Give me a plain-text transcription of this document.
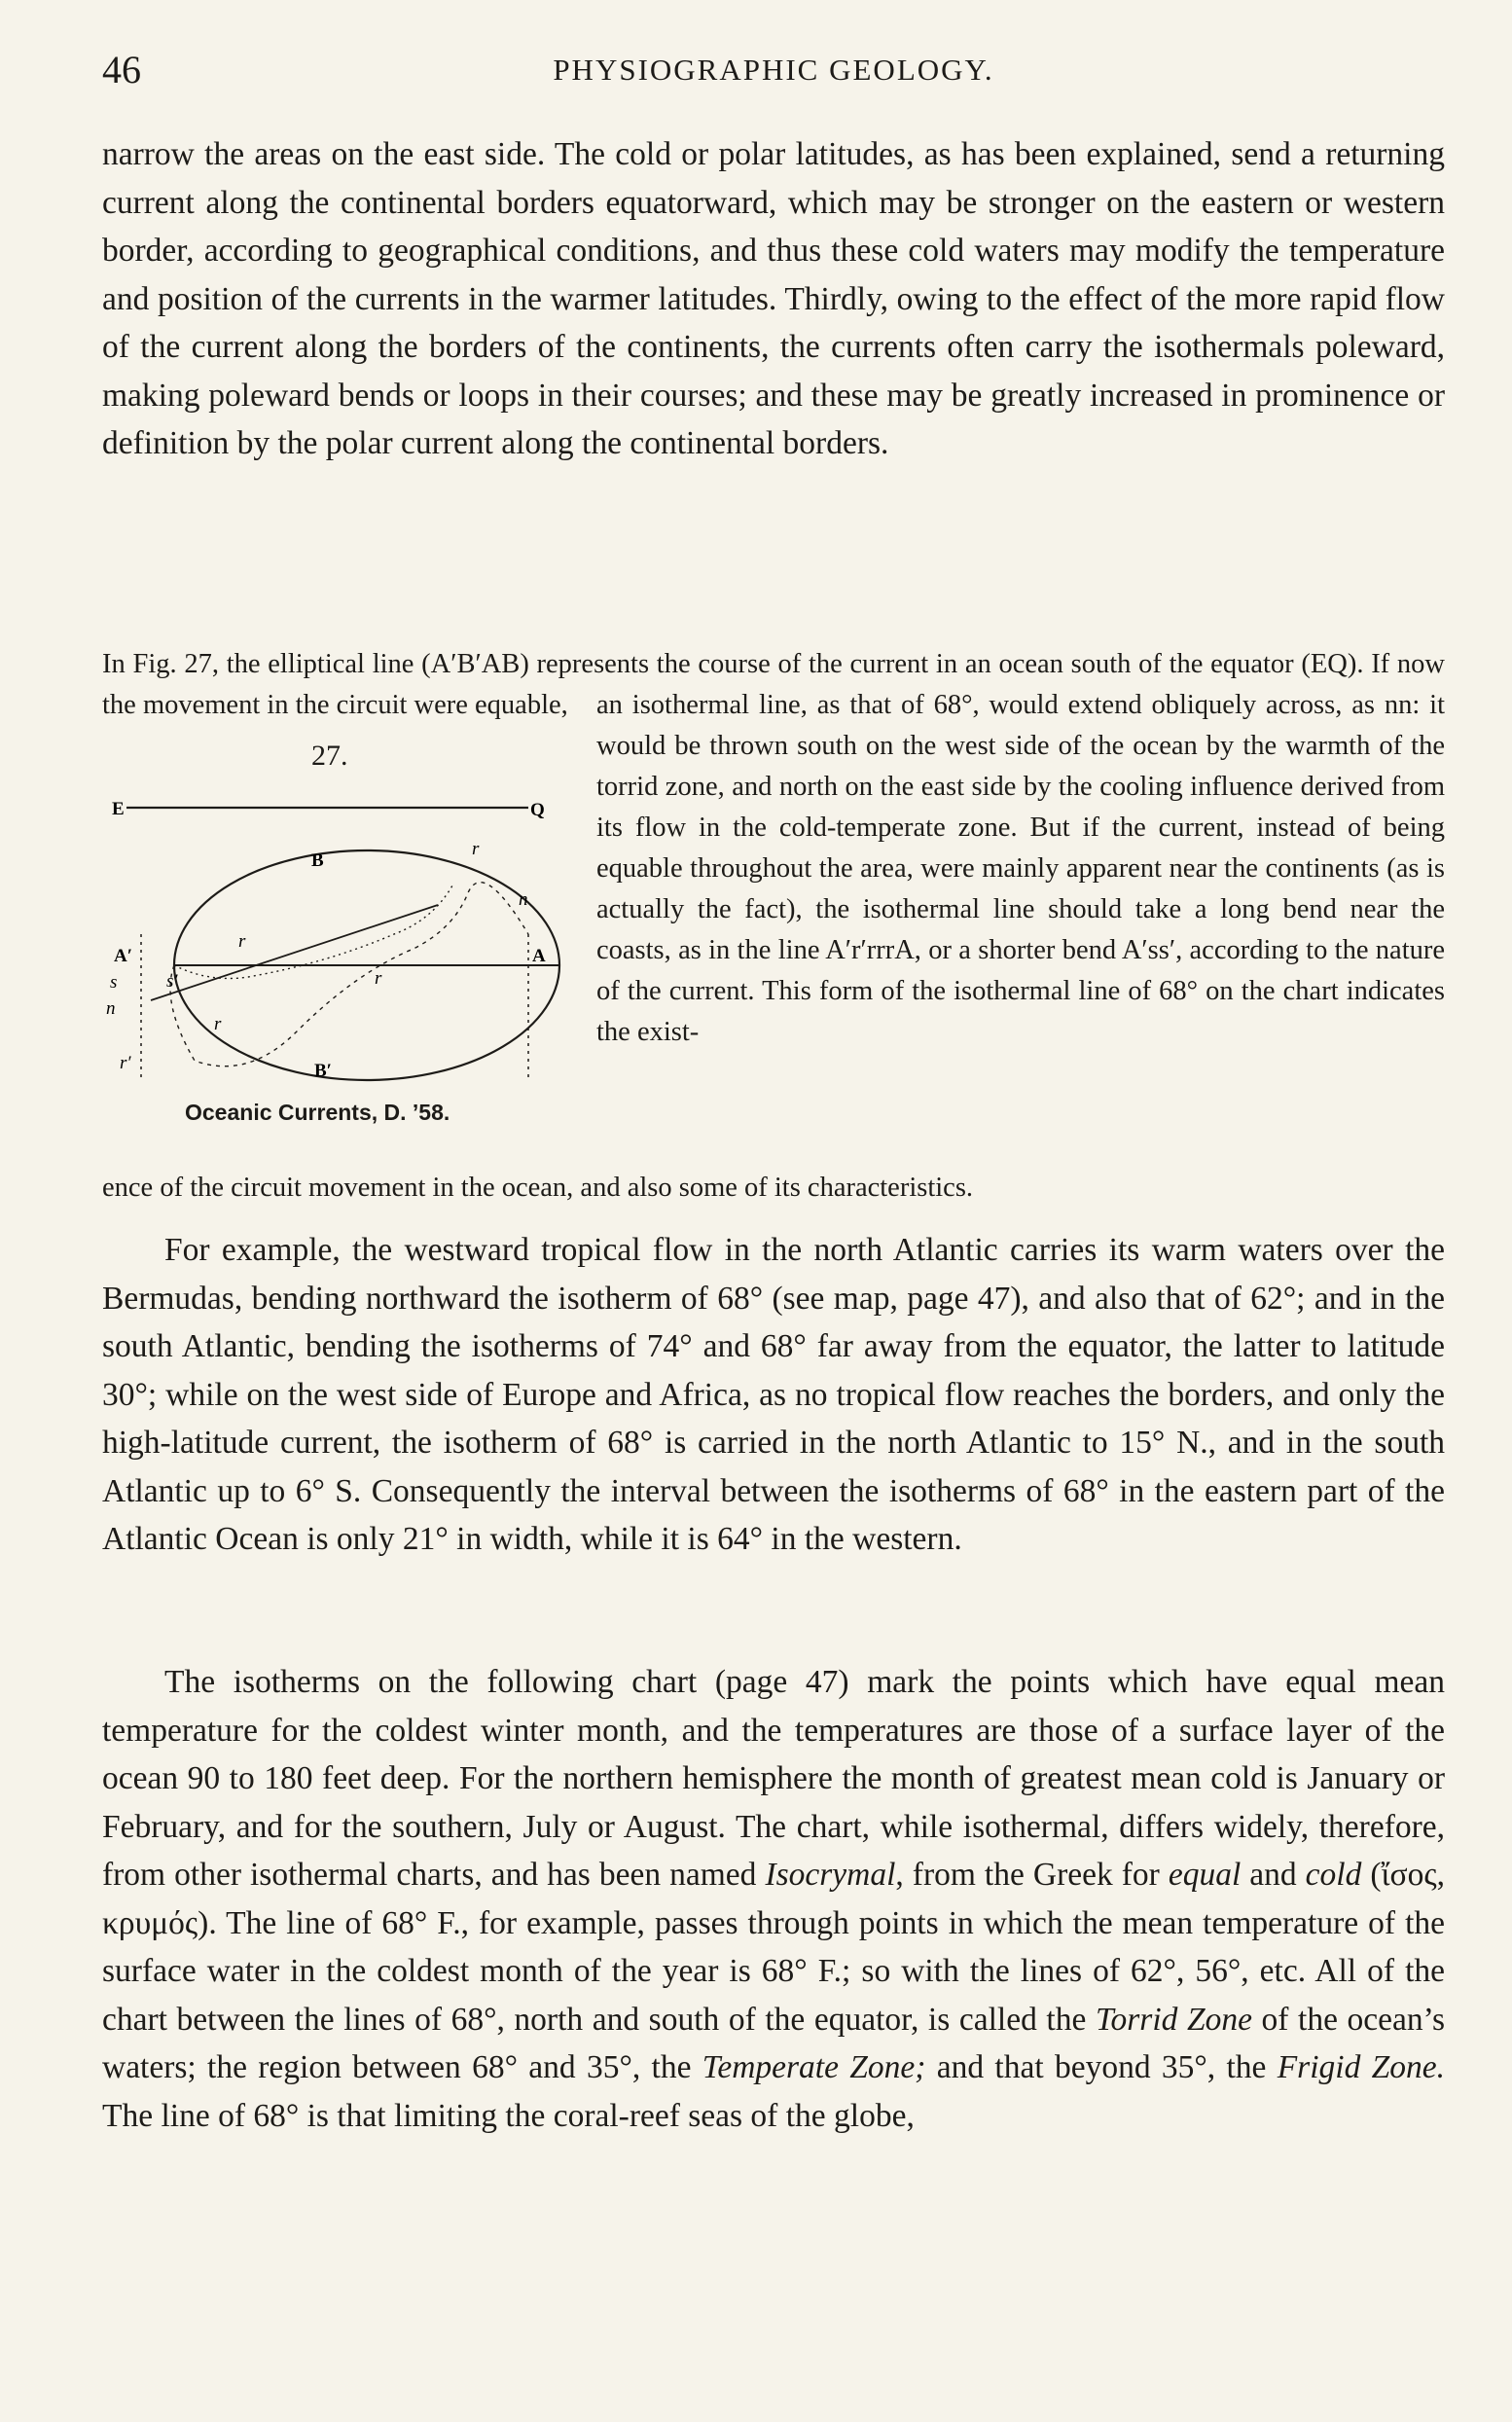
46	PHYSIOGRAPHIC GEOLOGY.

narrow the areas on the east side. The cold or polar latitudes, as has been explained, send a returning current along the continental borders equatorward, which may be stronger on the eastern or western border, according to geographical conditions, and thus these cold waters may modify the temperature and position of the currents in the warmer latitudes. Thirdly, owing to the effect of the more rapid flow of the current along the borders of the continents, the currents often carry the isothermals poleward, making poleward bends or loops in their courses; and these may be greatly increased in prominence or definition by the polar current along the continental borders.

In Fig. 27, the elliptical line (A′B′AB) represents the course of the current in an ocean south of the equator (EQ). If now the movement in the circuit were equable,	an isothermal line, as that of 68°, would extend obliquely across, as nn: it would be thrown south on the west side of the ocean by the warmth of the torrid zone, and north on the east side by the cooling influence derived from its flow in the cold-temperate zone. But if the current, instead of being equable throughout the area, were mainly apparent near the continents (as is actually the fact), the isothermal line should take a long bend near the coasts, as in the line A′r′rrrA, or a shorter bend A′ss′, according to the nature of the current. This form of the isothermal line of 68° on the chart indicates the exist-

ence of the circuit movement in the ocean, and also some of its characteristics.

27.
E	Q
B
B′
A
A′
n
n
s	s′
r
r
r
r
r′
Oceanic Currents, D. ’58.

For example, the westward tropical flow in the north Atlantic carries its warm waters over the Bermudas, bending northward the isotherm of 68° (see map, page 47), and also that of 62°; and in the south Atlantic, bending the isotherms of 74° and 68° far away from the equator, the latter to latitude 30°; while on the west side of Europe and Africa, as no tropical flow reaches the borders, and only the high-latitude current, the isotherm of 68° is carried in the north Atlantic to 15° N., and in the south Atlantic up to 6° S. Consequently the interval between the isotherms of 68° in the eastern part of the Atlantic Ocean is only 21° in width, while it is 64° in the western.

The isotherms on the following chart (page 47) mark the points which have equal mean temperature for the coldest winter month, and the temperatures are those of a surface layer of the ocean 90 to 180 feet deep. For the northern hemisphere the month of greatest mean cold is January or February, and for the southern, July or August. The chart, while isothermal, differs widely, therefore, from other isothermal charts, and has been named Isocrymal, from the Greek for equal and cold (ἴσος, κρυμός). The line of 68° F., for example, passes through points in which the mean temperature of the surface water in the coldest month of the year is 68° F.; so with the lines of 62°, 56°, etc. All of the chart between the lines of 68°, north and south of the equator, is called the Torrid Zone of the ocean’s waters; the region between 68° and 35°, the Temperate Zone; and that beyond 35°, the Frigid Zone. The line of 68° is that limiting the coral-reef seas of the globe,
